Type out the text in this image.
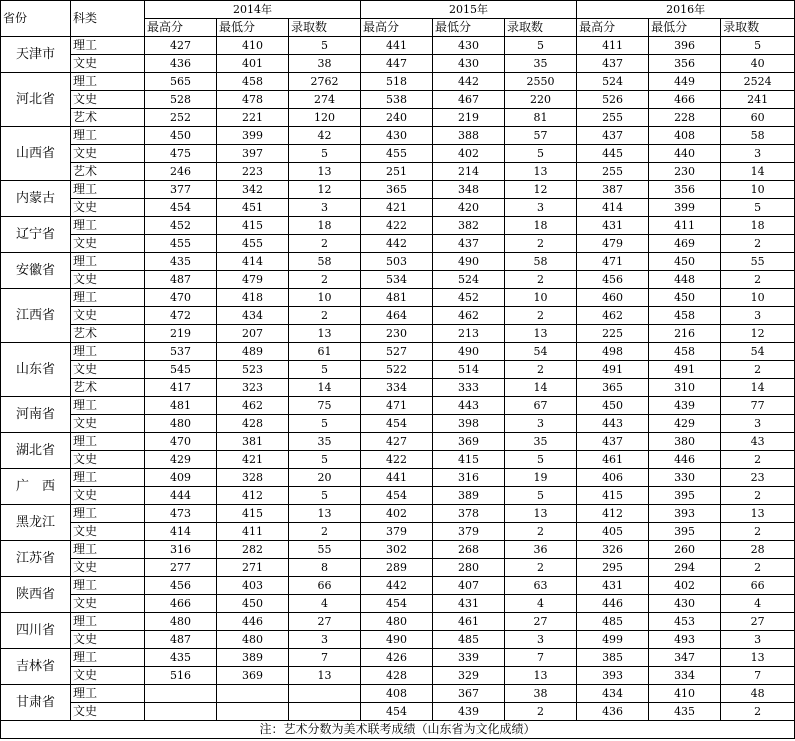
省份	科类	2014年			2015年			2016年		
		最高分	最低分	录取数	最高分	最低分	录取数	最高分	最低分	录取数
天津市	理工	427	410	5	441	430	5	411	396	5
	文史	436	401	38	447	430	35	437	356	40
河北省	理工	565	458	2762	518	442	2550	524	449	2524
	文史	528	478	274	538	467	220	526	466	241
	艺术	252	221	120	240	219	81	255	228	60
山西省	理工	450	399	42	430	388	57	437	408	58
	文史	475	397	5	455	402	5	445	440	3
	艺术	246	223	13	251	214	13	255	230	14
内蒙古	理工	377	342	12	365	348	12	387	356	10
	文史	454	451	3	421	420	3	414	399	5
辽宁省	理工	452	415	18	422	382	18	431	411	18
	文史	455	455	2	442	437	2	479	469	2
安徽省	理工	435	414	58	503	490	58	471	450	55
	文史	487	479	2	534	524	2	456	448	2
江西省	理工	470	418	10	481	452	10	460	450	10
	文史	472	434	2	464	462	2	462	458	3
	艺术	219	207	13	230	213	13	225	216	12
山东省	理工	537	489	61	527	490	54	498	458	54
	文史	545	523	5	522	514	2	491	491	2
	艺术	417	323	14	334	333	14	365	310	14
河南省	理工	481	462	75	471	443	67	450	439	77
	文史	480	428	5	454	398	3	443	429	3
湖北省	理工	470	381	35	427	369	35	437	380	43
	文史	429	421	5	422	415	5	461	446	2
广　西	理工	409	328	20	441	316	19	406	330	23
	文史	444	412	5	454	389	5	415	395	2
黑龙江	理工	473	415	13	402	378	13	412	393	13
	文史	414	411	2	379	379	2	405	395	2
江苏省	理工	316	282	55	302	268	36	326	260	28
	文史	277	271	8	289	280	2	295	294	2
陕西省	理工	456	403	66	442	407	63	431	402	66
	文史	466	450	4	454	431	4	446	430	4
四川省	理工	480	446	27	480	461	27	485	453	27
	文史	487	480	3	490	485	3	499	493	3
吉林省	理工	435	389	7	426	339	7	385	347	13
	文史	516	369	13	428	329	13	393	334	7
甘肃省	理工				408	367	38	434	410	48
	文史				454	439	2	436	435	2
注：艺术分数为美术联考成绩（山东省为文化成绩）										
